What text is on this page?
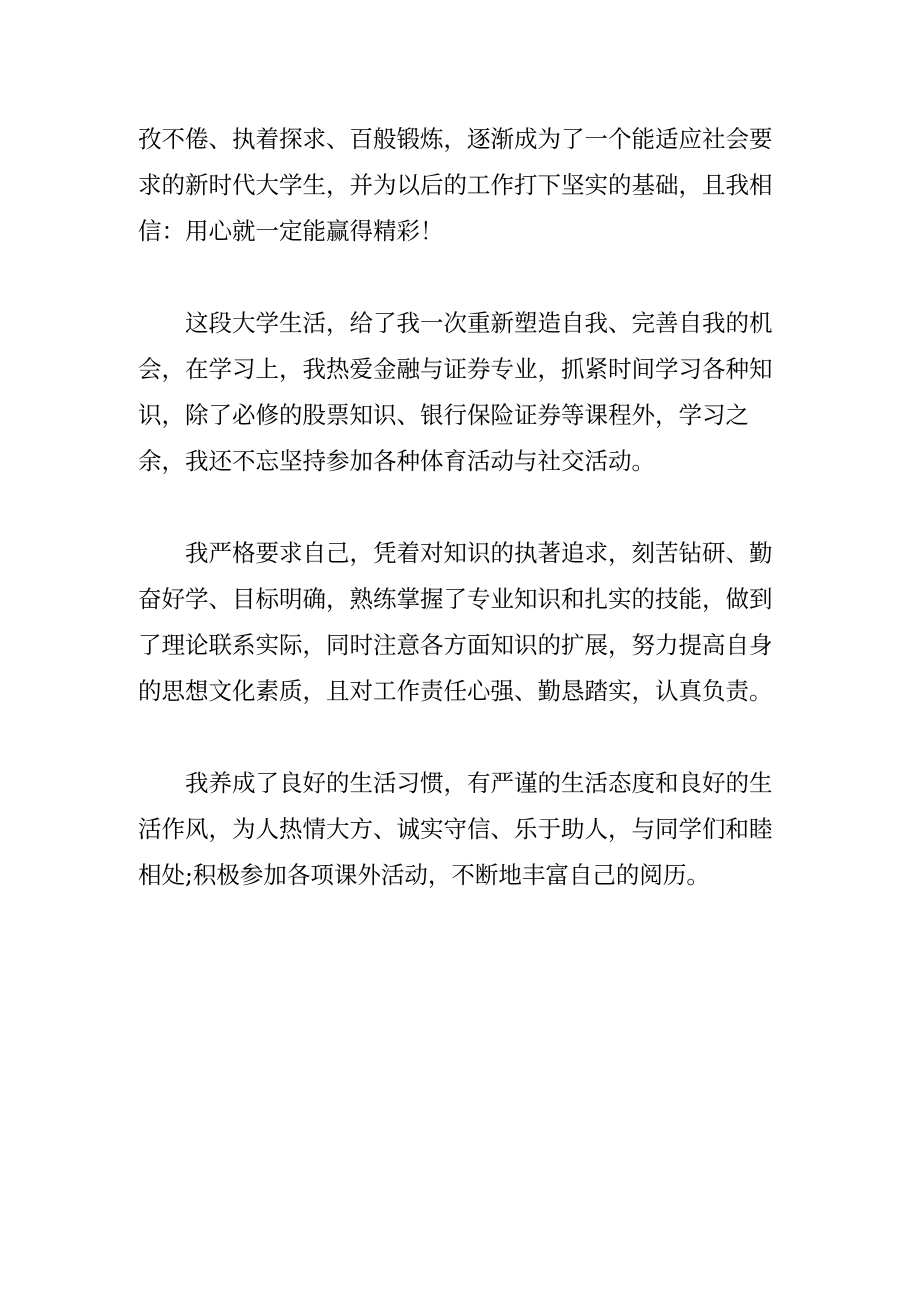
孜不倦、执着探求、百般锻炼，逐渐成为了一个能适应社会要

求的新时代大学生，并为以后的工作打下坚实的基础，且我相

信：用心就一定能赢得精彩！

这段大学生活，给了我一次重新塑造自我、完善自我的机

会，在学习上，我热爱金融与证券专业，抓紧时间学习各种知

识，除了必修的股票知识、银行保险证券等课程外，学习之

余，我还不忘坚持参加各种体育活动与社交活动。

我严格要求自己，凭着对知识的执著追求，刻苦钻研、勤

奋好学、目标明确，熟练掌握了专业知识和扎实的技能，做到

了理论联系实际，同时注意各方面知识的扩展，努力提高自身

的思想文化素质，且对工作责任心强、勤恳踏实，认真负责。

我养成了良好的生活习惯，有严谨的生活态度和良好的生

活作风，为人热情大方、诚实守信、乐于助人，与同学们和睦

相处;积极参加各项课外活动，不断地丰富自己的阅历。
